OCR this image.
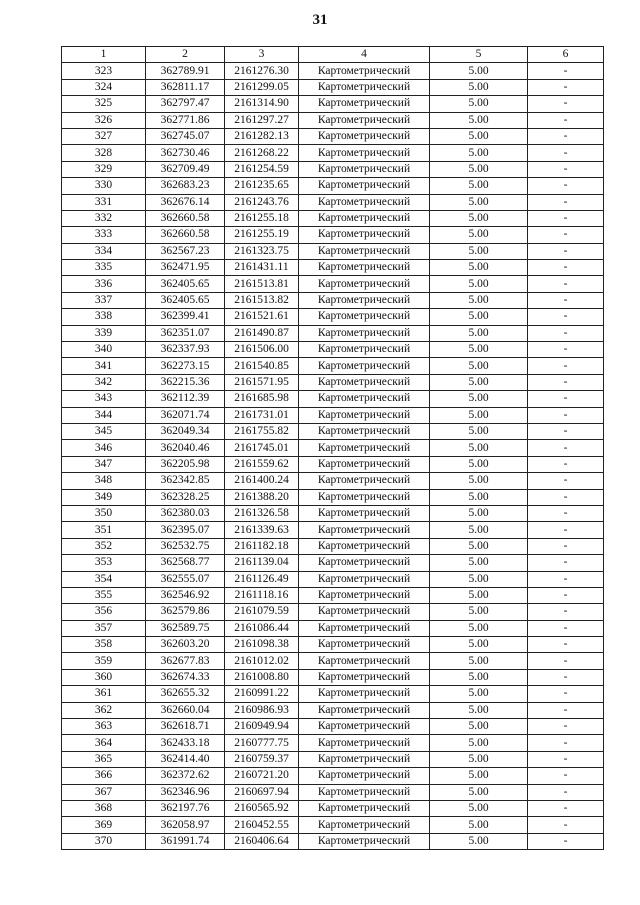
31
1	2	3	4	5	6
323	362789.91	2161276.30	Картометрический	5.00	-
324	362811.17	2161299.05	Картометрический	5.00	-
325	362797.47	2161314.90	Картометрический	5.00	-
326	362771.86	2161297.27	Картометрический	5.00	-
327	362745.07	2161282.13	Картометрический	5.00	-
328	362730.46	2161268.22	Картометрический	5.00	-
329	362709.49	2161254.59	Картометрический	5.00	-
330	362683.23	2161235.65	Картометрический	5.00	-
331	362676.14	2161243.76	Картометрический	5.00	-
332	362660.58	2161255.18	Картометрический	5.00	-
333	362660.58	2161255.19	Картометрический	5.00	-
334	362567.23	2161323.75	Картометрический	5.00	-
335	362471.95	2161431.11	Картометрический	5.00	-
336	362405.65	2161513.81	Картометрический	5.00	-
337	362405.65	2161513.82	Картометрический	5.00	-
338	362399.41	2161521.61	Картометрический	5.00	-
339	362351.07	2161490.87	Картометрический	5.00	-
340	362337.93	2161506.00	Картометрический	5.00	-
341	362273.15	2161540.85	Картометрический	5.00	-
342	362215.36	2161571.95	Картометрический	5.00	-
343	362112.39	2161685.98	Картометрический	5.00	-
344	362071.74	2161731.01	Картометрический	5.00	-
345	362049.34	2161755.82	Картометрический	5.00	-
346	362040.46	2161745.01	Картометрический	5.00	-
347	362205.98	2161559.62	Картометрический	5.00	-
348	362342.85	2161400.24	Картометрический	5.00	-
349	362328.25	2161388.20	Картометрический	5.00	-
350	362380.03	2161326.58	Картометрический	5.00	-
351	362395.07	2161339.63	Картометрический	5.00	-
352	362532.75	2161182.18	Картометрический	5.00	-
353	362568.77	2161139.04	Картометрический	5.00	-
354	362555.07	2161126.49	Картометрический	5.00	-
355	362546.92	2161118.16	Картометрический	5.00	-
356	362579.86	2161079.59	Картометрический	5.00	-
357	362589.75	2161086.44	Картометрический	5.00	-
358	362603.20	2161098.38	Картометрический	5.00	-
359	362677.83	2161012.02	Картометрический	5.00	-
360	362674.33	2161008.80	Картометрический	5.00	-
361	362655.32	2160991.22	Картометрический	5.00	-
362	362660.04	2160986.93	Картометрический	5.00	-
363	362618.71	2160949.94	Картометрический	5.00	-
364	362433.18	2160777.75	Картометрический	5.00	-
365	362414.40	2160759.37	Картометрический	5.00	-
366	362372.62	2160721.20	Картометрический	5.00	-
367	362346.96	2160697.94	Картометрический	5.00	-
368	362197.76	2160565.92	Картометрический	5.00	-
369	362058.97	2160452.55	Картометрический	5.00	-
370	361991.74	2160406.64	Картометрический	5.00	-
